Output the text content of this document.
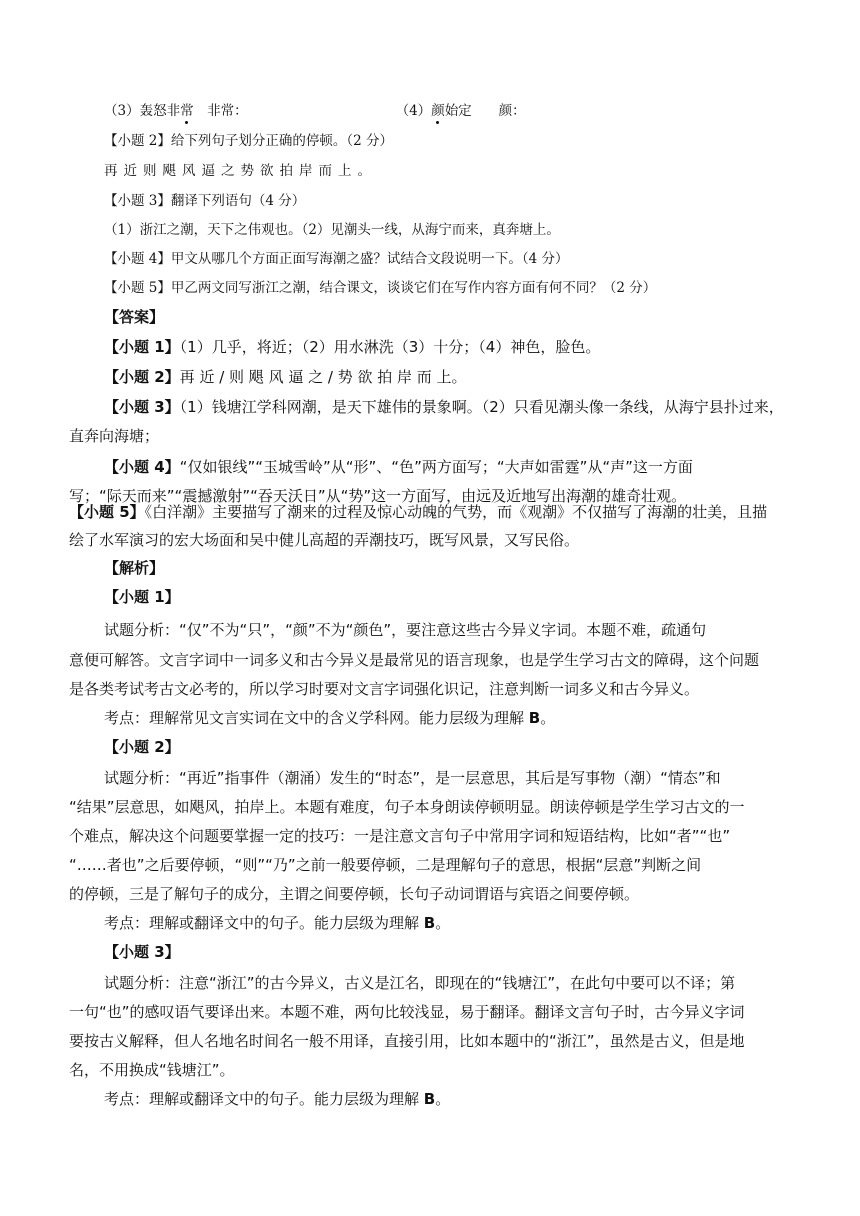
（3）轰怒非常　非常：	（4）颜始定　　颜：
【小题 2】给下列句子划分正确的停顿。（2 分）
再近则飓风逼之势欲拍岸而上。
【小题 3】翻译下列语句（4 分）
（1）浙江之潮，天下之伟观也。（2）见潮头一线，从海宁而来，真奔塘上。
【小题 4】甲文从哪几个方面正面写海潮之盛？试结合文段说明一下。（4 分）
【小题 5】甲乙两文同写浙江之潮，结合课文，谈谈它们在写作内容方面有何不同？（2 分）
【答案】
【小题 1】（1）几乎，将近；（2）用水淋洗（3）十分；（4）神色，脸色。
【小题 2】再 近 / 则 飓 风 逼 之 / 势 欲 拍 岸 而 上。
【小题 3】（1）钱塘江学科网潮，是天下雄伟的景象啊。（2）只看见潮头像一条线，从海宁县扑过来，
直奔向海塘；
【小题 4】“仅如银线”“玉城雪岭”从“形”、“色”两方面写；“大声如雷霆”从“声”这一方面
写；“际天而来”“震撼激射”“吞天沃日”从“势”这一方面写，由远及近地写出海潮的雄奇壮观。
【小题 5】《白洋潮》主要描写了潮来的过程及惊心动魄的气势，而《观潮》不仅描写了海潮的壮美，且描
绘了水军演习的宏大场面和吴中健儿高超的弄潮技巧，既写风景，又写民俗。
【解析】
【小题 1】
试题分析：“仅”不为“只”，“颜”不为“颜色”，要注意这些古今异义字词。本题不难，疏通句
意便可解答。文言字词中一词多义和古今异义是最常见的语言现象，也是学生学习古文的障碍，这个问题
是各类考试考古文必考的，所以学习时要对文言字词强化识记，注意判断一词多义和古今异义。
考点：理解常见文言实词在文中的含义学科网。能力层级为理解 B。
【小题 2】
试题分析：“再近”指事件（潮涌）发生的“时态”，是一层意思，其后是写事物（潮）“情态”和
“结果”层意思，如飓风，拍岸上。本题有难度，句子本身朗读停顿明显。朗读停顿是学生学习古文的一
个难点，解决这个问题要掌握一定的技巧：一是注意文言句子中常用字词和短语结构，比如“者”“也”
“……者也”之后要停顿，“则”“乃”之前一般要停顿，二是理解句子的意思，根据“层意”判断之间
的停顿，三是了解句子的成分，主谓之间要停顿，长句子动词谓语与宾语之间要停顿。
考点：理解或翻译文中的句子。能力层级为理解 B。
【小题 3】
试题分析：注意“浙江”的古今异义，古义是江名，即现在的“钱塘江”，在此句中要可以不译；第
一句“也”的感叹语气要译出来。本题不难，两句比较浅显，易于翻译。翻译文言句子时，古今异义字词
要按古义解释，但人名地名时间名一般不用译，直接引用，比如本题中的“浙江”，虽然是古义，但是地
名，不用换成“钱塘江”。
考点：理解或翻译文中的句子。能力层级为理解 B。
